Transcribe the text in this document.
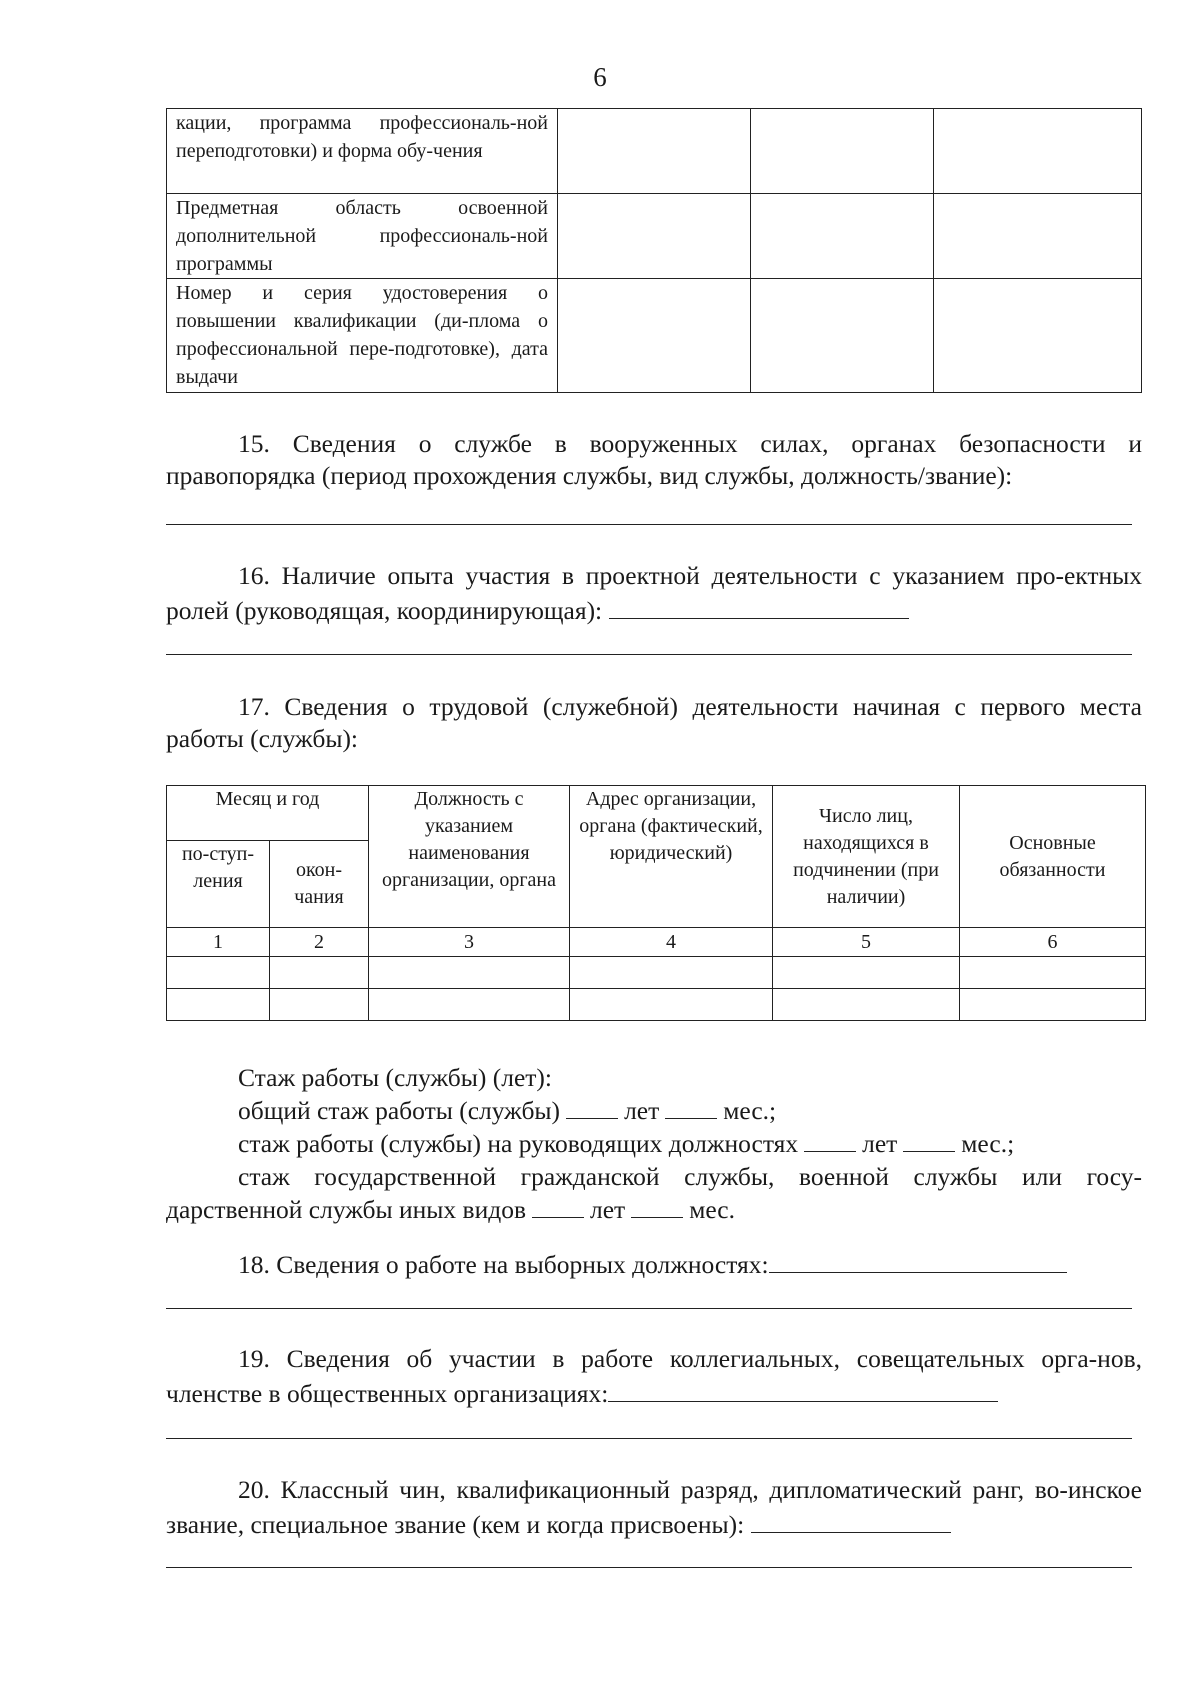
6
кации, программа профессиональ-ной переподготовки) и форма обу-чения			
Предметная область освоенной дополнительной профессиональ-ной программы			
Номер и серия удостоверения о повышении квалификации (ди-плома о профессиональной пере-подготовке), дата выдачи			

15. Сведения о службе в вооруженных силах, органах безопасности и правопорядка (период прохождения службы, вид службы, должность/звание):

16. Наличие опыта участия в проектной деятельности с указанием про-ектных ролей (руководящая, координирующая):

17. Сведения о трудовой (служебной) деятельности начиная с первого места работы (службы):

Месяц и год		Должность с указанием наименования организации, органа	Адрес организации, органа (фактический, юридический)	Число лиц, находящихся в подчинении (при наличии)	Основные обязанности
по-ступ-ления	окон-чания				
1	2	3	4	5	6

Стаж работы (службы) (лет):
общий стаж работы (службы)	лет	мес.;
стаж работы (службы) на руководящих должностях	лет	мес.;
стаж государственной гражданской службы, военной службы или госу-
дарственной службы иных видов	лет	мес.

18. Сведения о работе на выборных должностях:

19. Сведения об участии в работе коллегиальных, совещательных орга-нов, членстве в общественных организациях:

20. Классный чин, квалификационный разряд, дипломатический ранг, во-инское звание, специальное звание (кем и когда присвоены):
